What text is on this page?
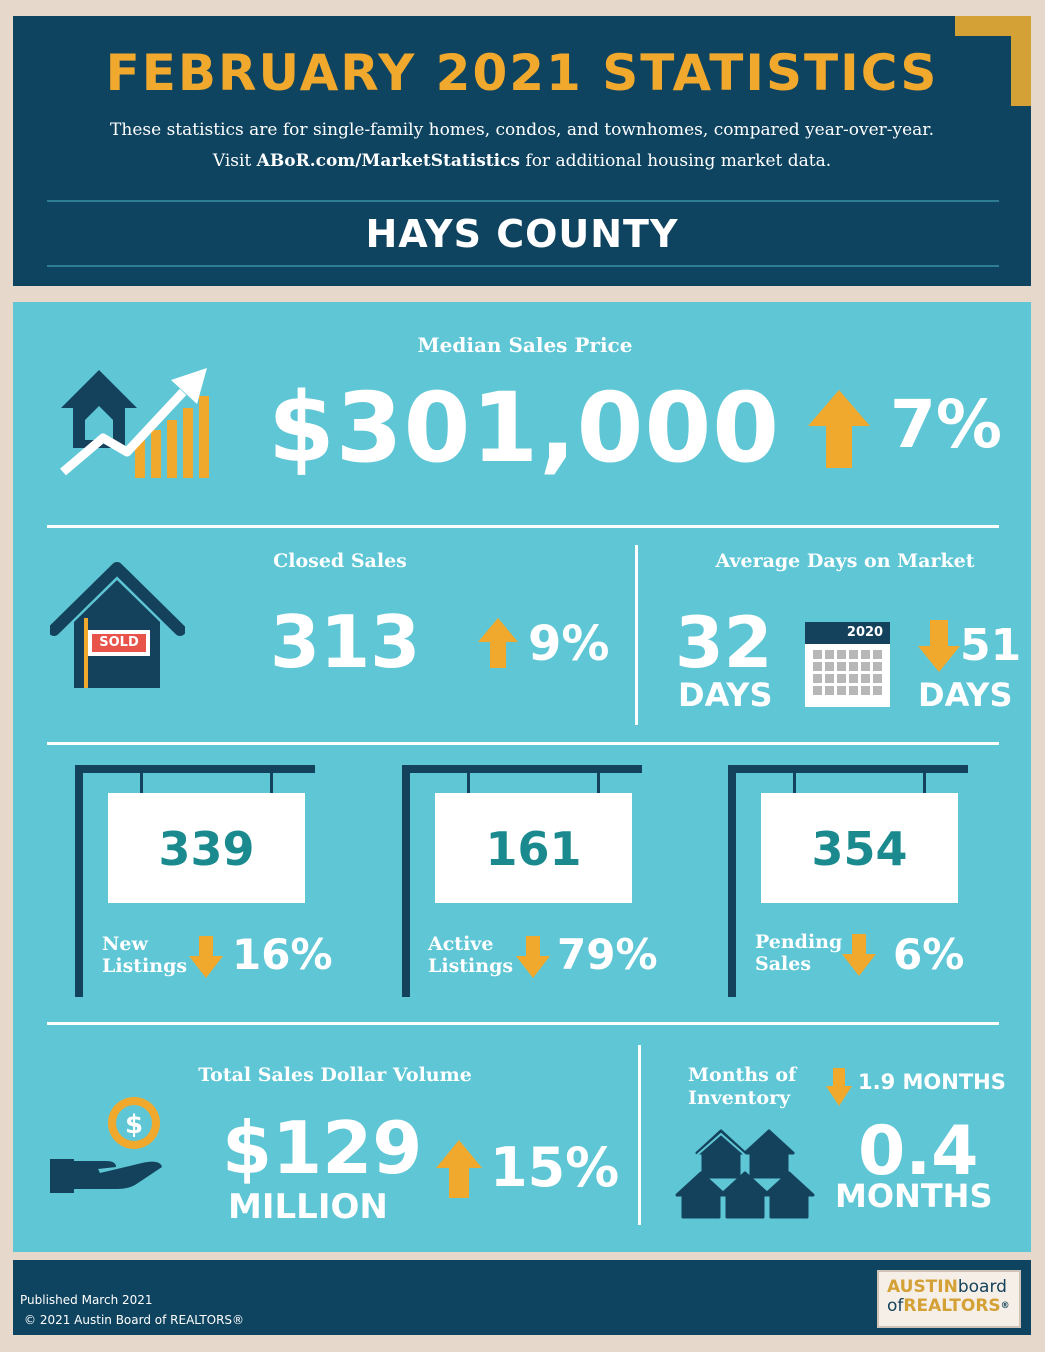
FEBRUARY 2021 STATISTICS
These statistics are for single-family homes, condos, and townhomes, compared year-over-year.
Visit ABoR.com/MarketStatistics for additional housing market data.
HAYS COUNTY
Median Sales Price
$301,000 7%
Closed Sales
SOLD 313 9%
Average Days on Market
32
DAYS
2020 51
DAYS
339
New
Listings 16%
161
Active
Listings 79%
354
Pending
Sales	6%
Total Sales Dollar Volume
$ $129
MILLION
15%
Months of
Inventory
1.9 MONTHS
0.4
MONTHS
Published March 2021
© 2021 Austin Board of REALTORS®
AUSTINboard
ofREALTORS®
